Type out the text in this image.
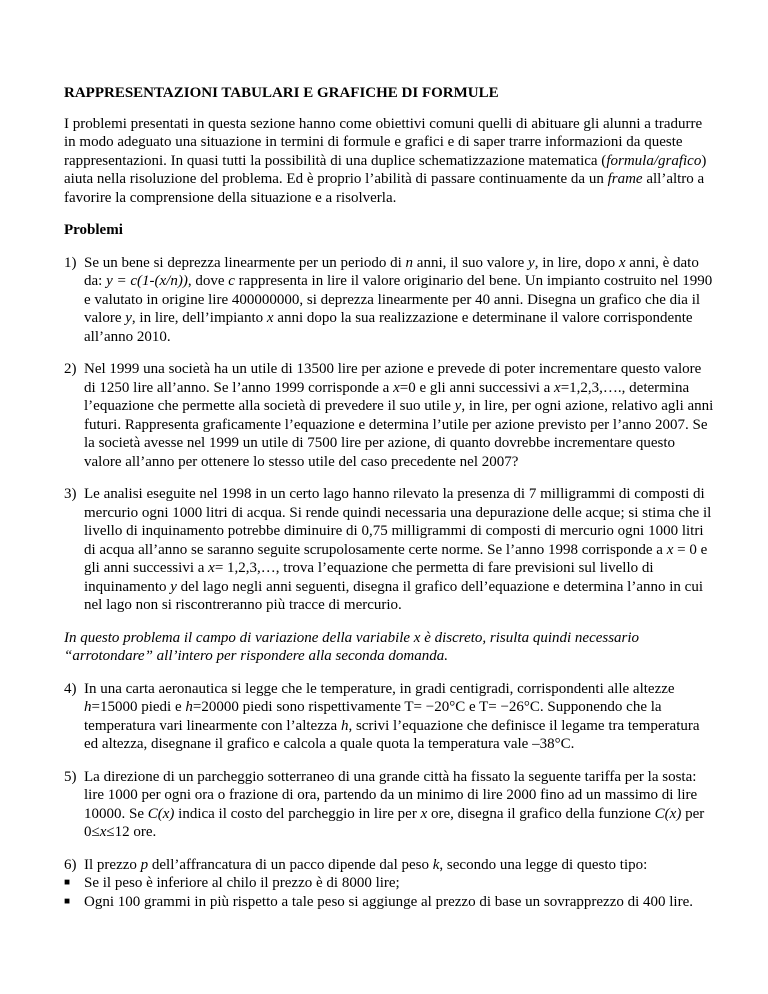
RAPPRESENTAZIONI TABULARI E GRAFICHE DI FORMULE

I problemi presentati in questa sezione hanno come obiettivi comuni quelli di abituare gli alunni a tradurre in modo adeguato una situazione in termini di formule e grafici e di saper trarre informazioni da queste rappresentazioni. In quasi tutti la possibilità di una duplice schematizzazione matematica (formula/grafico) aiuta nella risoluzione del problema. Ed è proprio l’abilità di passare continuamente da un frame all’altro a favorire la comprensione della situazione e a risolverla.

Problemi

1) Se un bene si deprezza linearmente per un periodo di n anni, il suo valore y, in lire, dopo x anni, è dato da: y = c(1-(x/n)), dove c rappresenta in lire il valore originario del bene. Un impianto costruito nel 1990 e valutato in origine lire 400000000, si deprezza linearmente per 40 anni. Disegna un grafico che dia il valore y, in lire, dell’impianto x anni dopo la sua realizzazione e determinane il valore corrispondente all’anno 2010.
2) Nel 1999 una società ha un utile di 13500 lire per azione e prevede di poter incrementare questo valore di 1250 lire all’anno. Se l’anno 1999 corrisponde a x=0 e gli anni successivi a x=1,2,3,…., determina l’equazione che permette alla società di prevedere il suo utile y, in lire, per ogni azione, relativo agli anni futuri. Rappresenta graficamente l’equazione e determina l’utile per azione previsto per l’anno 2007. Se la società avesse nel 1999 un utile di 7500 lire per azione, di quanto dovrebbe incrementare questo valore all’anno per ottenere lo stesso utile del caso precedente nel 2007?
3) Le analisi eseguite nel 1998 in un certo lago hanno rilevato la presenza di 7 milligrammi di composti di mercurio ogni 1000 litri di acqua. Si rende quindi necessaria una depurazione delle acque; si stima che il livello di inquinamento potrebbe diminuire di 0,75 milligrammi di composti di mercurio ogni 1000 litri di acqua all’anno se saranno seguite scrupolosamente certe norme. Se l’anno 1998 corrisponde a x = 0 e gli anni successivi a x= 1,2,3,…, trova l’equazione che permetta di fare previsioni sul livello di inquinamento y del lago negli anni seguenti, disegna il grafico dell’equazione e determina l’anno in cui nel lago non si riscontreranno più tracce di mercurio.

In questo problema il campo di variazione della variabile x è discreto, risulta quindi necessario “arrotondare” all’intero per rispondere alla seconda domanda.

4) In una carta aeronautica si legge che le temperature, in gradi centigradi, corrispondenti alle altezze h=15000 piedi e h=20000 piedi sono rispettivamente T= −20°C e T= −26°C. Supponendo che la temperatura vari linearmente con l’altezza h, scrivi l’equazione che definisce il legame tra temperatura ed altezza, disegnane il grafico e calcola a quale quota la temperatura vale –38°C.
5) La direzione di un parcheggio sotterraneo di una grande città ha fissato la seguente tariffa per la sosta: lire 1000 per ogni ora o frazione di ora, partendo da un minimo di lire 2000 fino ad un massimo di lire 10000. Se C(x) indica il costo del parcheggio in lire per x ore, disegna il grafico della funzione C(x) per 0≤x≤12 ore.
6) Il prezzo p dell’affrancatura di un pacco dipende dal peso k, secondo una legge di questo tipo:
■ Se il peso è inferiore al chilo il prezzo è di 8000 lire;
■ Ogni 100 grammi in più rispetto a tale peso si aggiunge al prezzo di base un sovrapprezzo di 400 lire.
